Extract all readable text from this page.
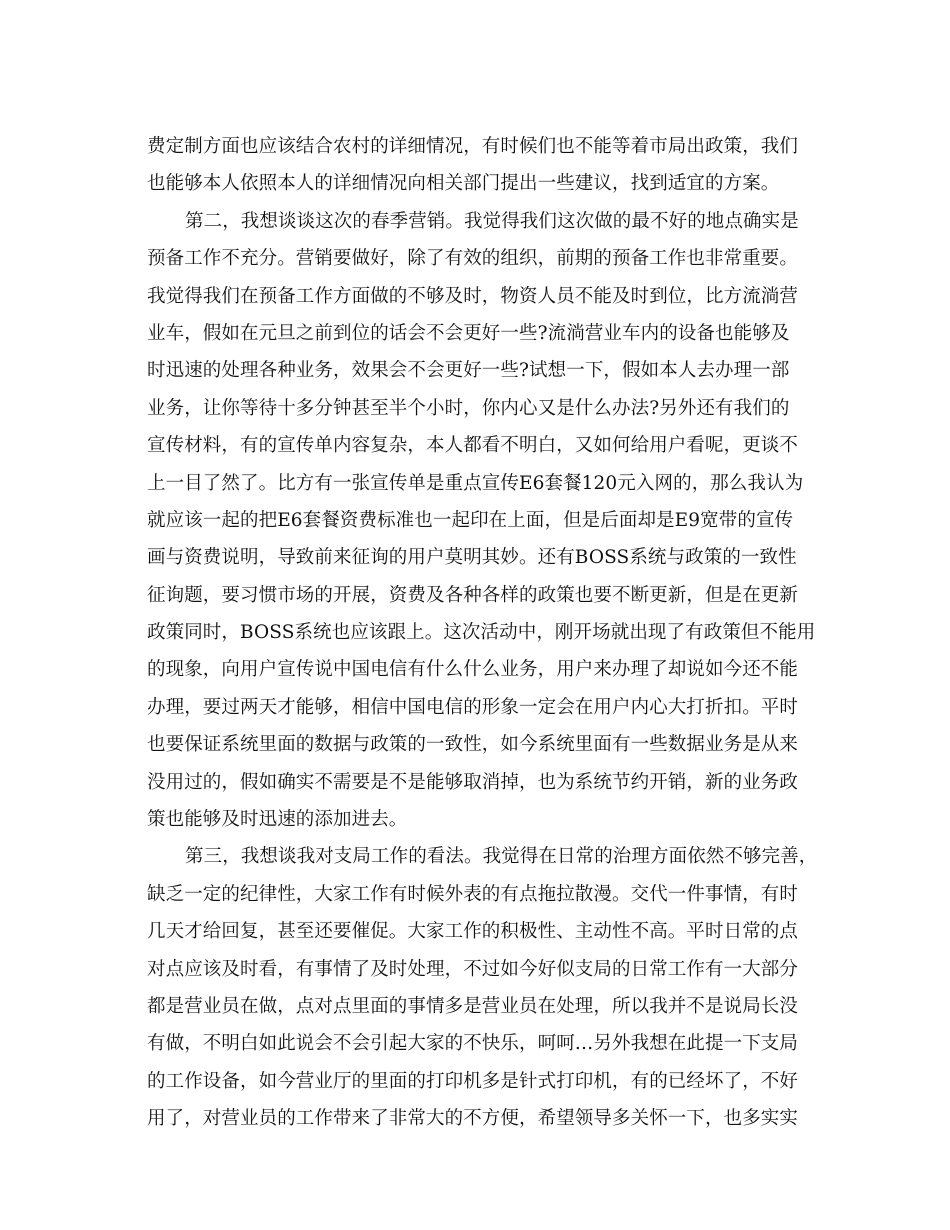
费定制方面也应该结合农村的详细情况，有时候们也不能等着市局出政策，我们
也能够本人依照本人的详细情况向相关部门提出一些建议，找到适宜的方案。
第二，我想谈谈这次的春季营销。我觉得我们这次做的最不好的地点确实是
预备工作不充分。营销要做好，除了有效的组织，前期的预备工作也非常重要。
我觉得我们在预备工作方面做的不够及时，物资人员不能及时到位，比方流淌营
业车，假如在元旦之前到位的话会不会更好一些?流淌营业车内的设备也能够及
时迅速的处理各种业务，效果会不会更好一些?试想一下，假如本人去办理一部
业务，让你等待十多分钟甚至半个小时，你内心又是什么办法?另外还有我们的
宣传材料，有的宣传单内容复杂，本人都看不明白，又如何给用户看呢，更谈不
上一目了然了。比方有一张宣传单是重点宣传E6套餐120元入网的，那么我认为
就应该一起的把E6套餐资费标准也一起印在上面，但是后面却是E9宽带的宣传
画与资费说明，导致前来征询的用户莫明其妙。还有BOSS系统与政策的一致性
征询题，要习惯市场的开展，资费及各种各样的政策也要不断更新，但是在更新
政策同时，BOSS系统也应该跟上。这次活动中，刚开场就出现了有政策但不能用
的现象，向用户宣传说中国电信有什么什么业务，用户来办理了却说如今还不能
办理，要过两天才能够，相信中国电信的形象一定会在用户内心大打折扣。平时
也要保证系统里面的数据与政策的一致性，如今系统里面有一些数据业务是从来
没用过的，假如确实不需要是不是能够取消掉，也为系统节约开销，新的业务政
策也能够及时迅速的添加进去。
第三，我想谈我对支局工作的看法。我觉得在日常的治理方面依然不够完善，
缺乏一定的纪律性，大家工作有时候外表的有点拖拉散漫。交代一件事情，有时
几天才给回复，甚至还要催促。大家工作的积极性、主动性不高。平时日常的点
对点应该及时看，有事情了及时处理，不过如今好似支局的日常工作有一大部分
都是营业员在做，点对点里面的事情多是营业员在处理，所以我并不是说局长没
有做，不明白如此说会不会引起大家的不快乐，呵呵…另外我想在此提一下支局
的工作设备，如今营业厅的里面的打印机多是针式打印机，有的已经坏了，不好
用了，对营业员的工作带来了非常大的不方便，希望领导多关怀一下，也多实实
